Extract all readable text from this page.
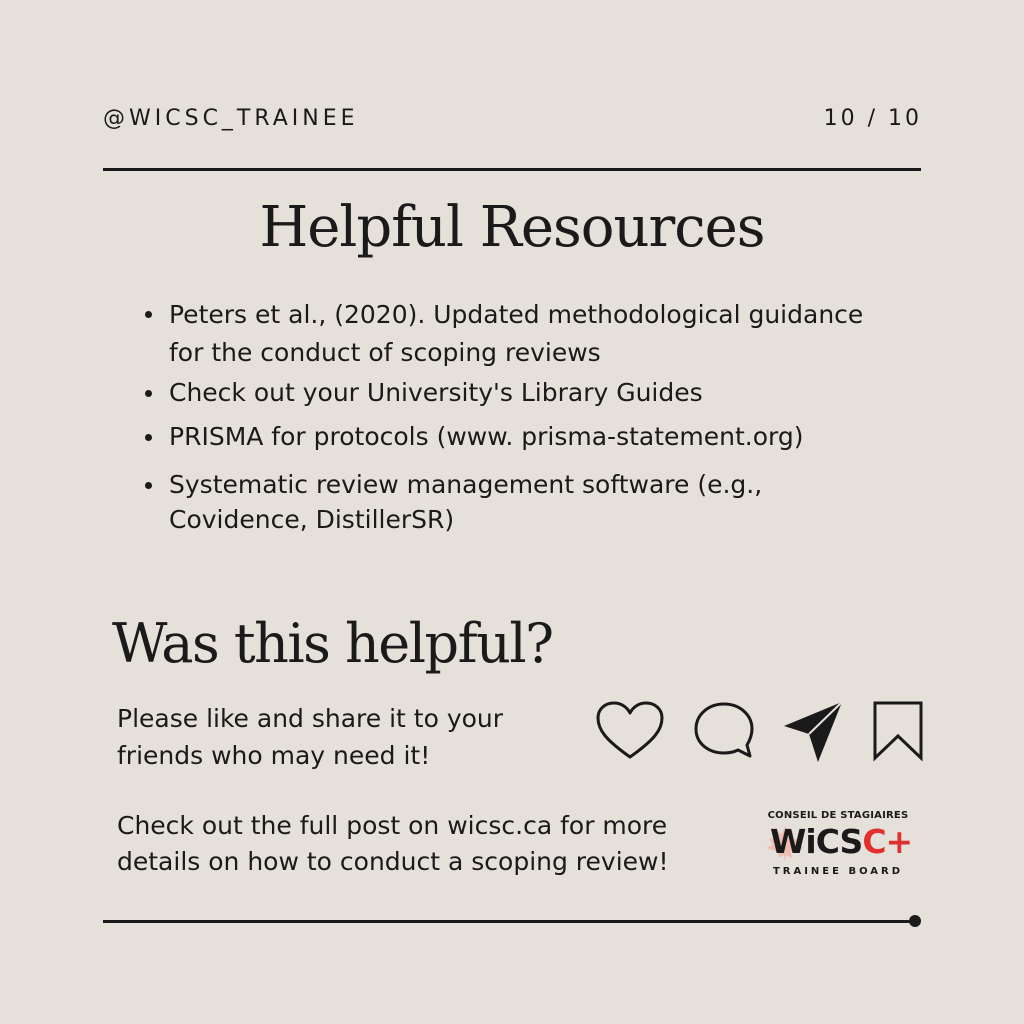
@WICSC_TRAINEE	10 / 10
Helpful Resources
Peters et al., (2020). Updated methodological guidance for the conduct of scoping reviews
Check out your University's Library Guides
PRISMA for protocols (www. prisma-statement.org)
Systematic review management software (e.g., Covidence, DistillerSR)
Was this helpful?
Please like and share it to your friends who may need it!
Check out the full post on wicsc.ca for more details on how to conduct a scoping review!
CONSEIL DE STAGIAIRES
WiCSC+
TRAINEE BOARD
